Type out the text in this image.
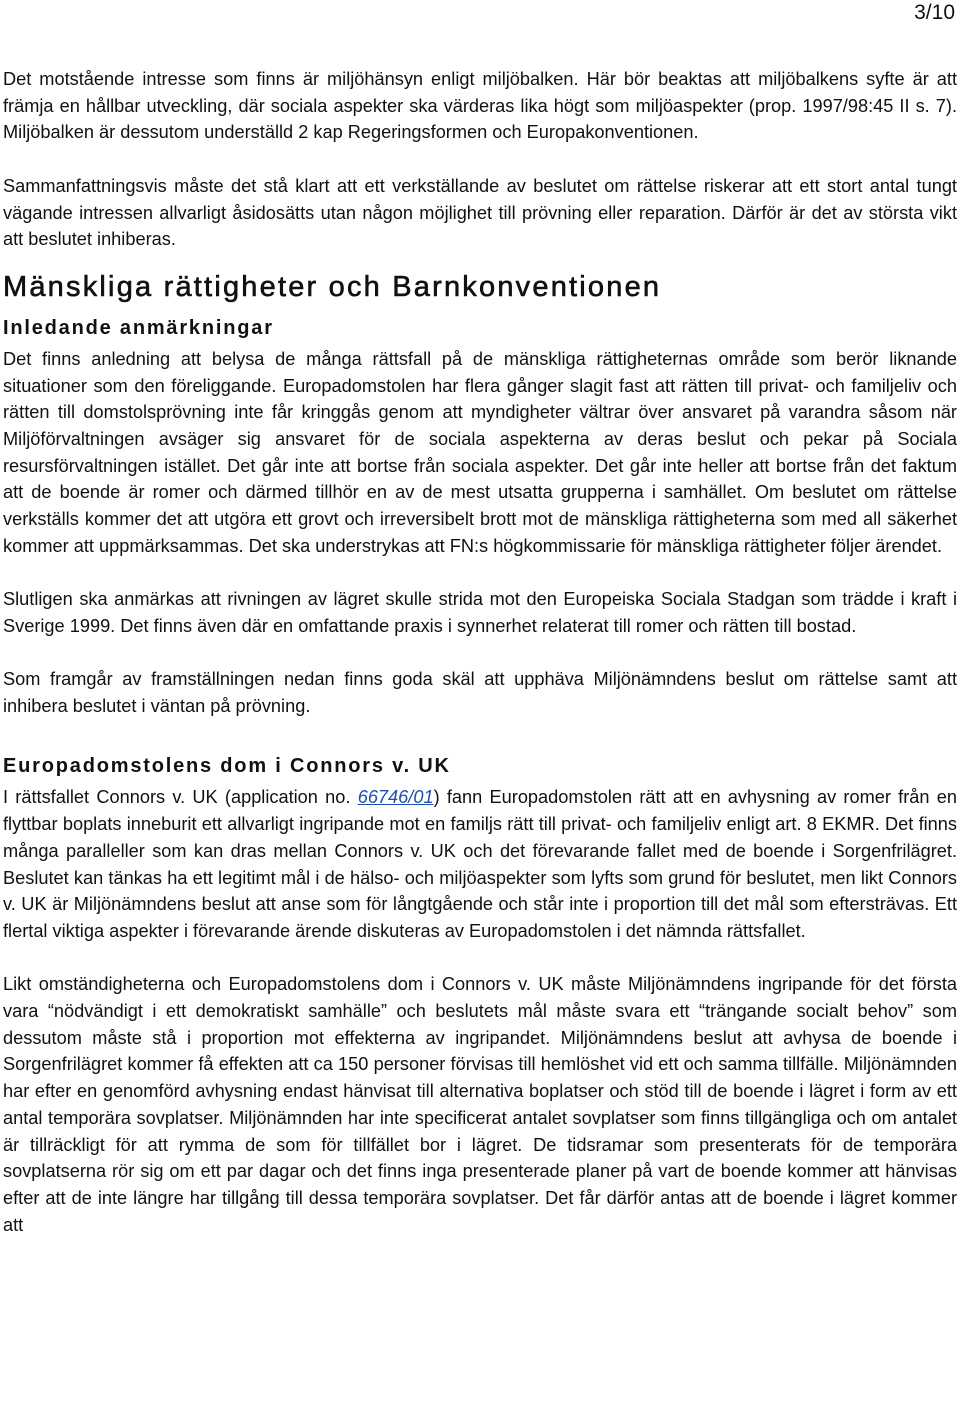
3/10

Det motstående intresse som finns är miljöhänsyn enligt miljöbalken. Här bör beaktas att miljöbalkens syfte är att främja en hållbar utveckling, där sociala aspekter ska värderas lika högt som miljöaspekter (prop. 1997/98:45 II s. 7). Miljöbalken är dessutom underställd 2 kap Regeringsformen och Europakonventionen.

Sammanfattningsvis måste det stå klart att ett verkställande av beslutet om rättelse riskerar att ett stort antal tungt vägande intressen allvarligt åsidosätts utan någon möjlighet till prövning eller reparation. Därför är det av största vikt att beslutet inhiberas.

Mänskliga rättigheter och Barnkonventionen
Inledande anmärkningar

Det finns anledning att belysa de många rättsfall på de mänskliga rättigheternas område som berör liknande situationer som den föreliggande. Europadomstolen har flera gånger slagit fast att rätten till privat- och familjeliv och rätten till domstolsprövning inte får kringgås genom att myndigheter vältrar över ansvaret på varandra såsom när Miljöförvaltningen avsäger sig ansvaret för de sociala aspekterna av deras beslut och pekar på Sociala resursförvaltningen istället. Det går inte att bortse från sociala aspekter. Det går inte heller att bortse från det faktum att de boende är romer och därmed tillhör en av de mest utsatta grupperna i samhället. Om beslutet om rättelse verkställs kommer det att utgöra ett grovt och irreversibelt brott mot de mänskliga rättigheterna som med all säkerhet kommer att uppmärksammas. Det ska understrykas att FN:s högkommissarie för mänskliga rättigheter följer ärendet.

Slutligen ska anmärkas att rivningen av lägret skulle strida mot den Europeiska Sociala Stadgan som trädde i kraft i Sverige 1999. Det finns även där en omfattande praxis i synnerhet relaterat till romer och rätten till bostad.

Som framgår av framställningen nedan finns goda skäl att upphäva Miljönämndens beslut om rättelse samt att inhibera beslutet i väntan på prövning.

Europadomstolens dom i Connors v. UK

I rättsfallet Connors v. UK (application no. 66746/01) fann Europadomstolen rätt att en avhysning av romer från en flyttbar boplats inneburit ett allvarligt ingripande mot en familjs rätt till privat- och familjeliv enligt art. 8 EKMR. Det finns många paralleller som kan dras mellan Connors v. UK och det förevarande fallet med de boende i Sorgenfrilägret. Beslutet kan tänkas ha ett legitimt mål i de hälso- och miljöaspekter som lyfts som grund för beslutet, men likt Connors v. UK är Miljönämndens beslut att anse som för långtgående och står inte i proportion till det mål som eftersträvas. Ett flertal viktiga aspekter i förevarande ärende diskuteras av Europadomstolen i det nämnda rättsfallet.

Likt omständigheterna och Europadomstolens dom i Connors v. UK måste Miljönämndens ingripande för det första vara “nödvändigt i ett demokratiskt samhälle” och beslutets mål måste svara ett “trängande socialt behov” som dessutom måste stå i proportion mot effekterna av ingripandet. Miljönämndens beslut att avhysa de boende i Sorgenfrilägret kommer få effekten att ca 150 personer förvisas till hemlöshet vid ett och samma tillfälle. Miljönämnden har efter en genomförd avhysning endast hänvisat till alternativa boplatser och stöd till de boende i lägret i form av ett antal temporära sovplatser. Miljönämnden har inte specificerat antalet sovplatser som finns tillgängliga och om antalet är tillräckligt för att rymma de som för tillfället bor i lägret. De tidsramar som presenterats för de temporära sovplatserna rör sig om ett par dagar och det finns inga presenterade planer på vart de boende kommer att hänvisas efter att de inte längre har tillgång till dessa temporära sovplatser. Det får därför antas att de boende i lägret kommer att
